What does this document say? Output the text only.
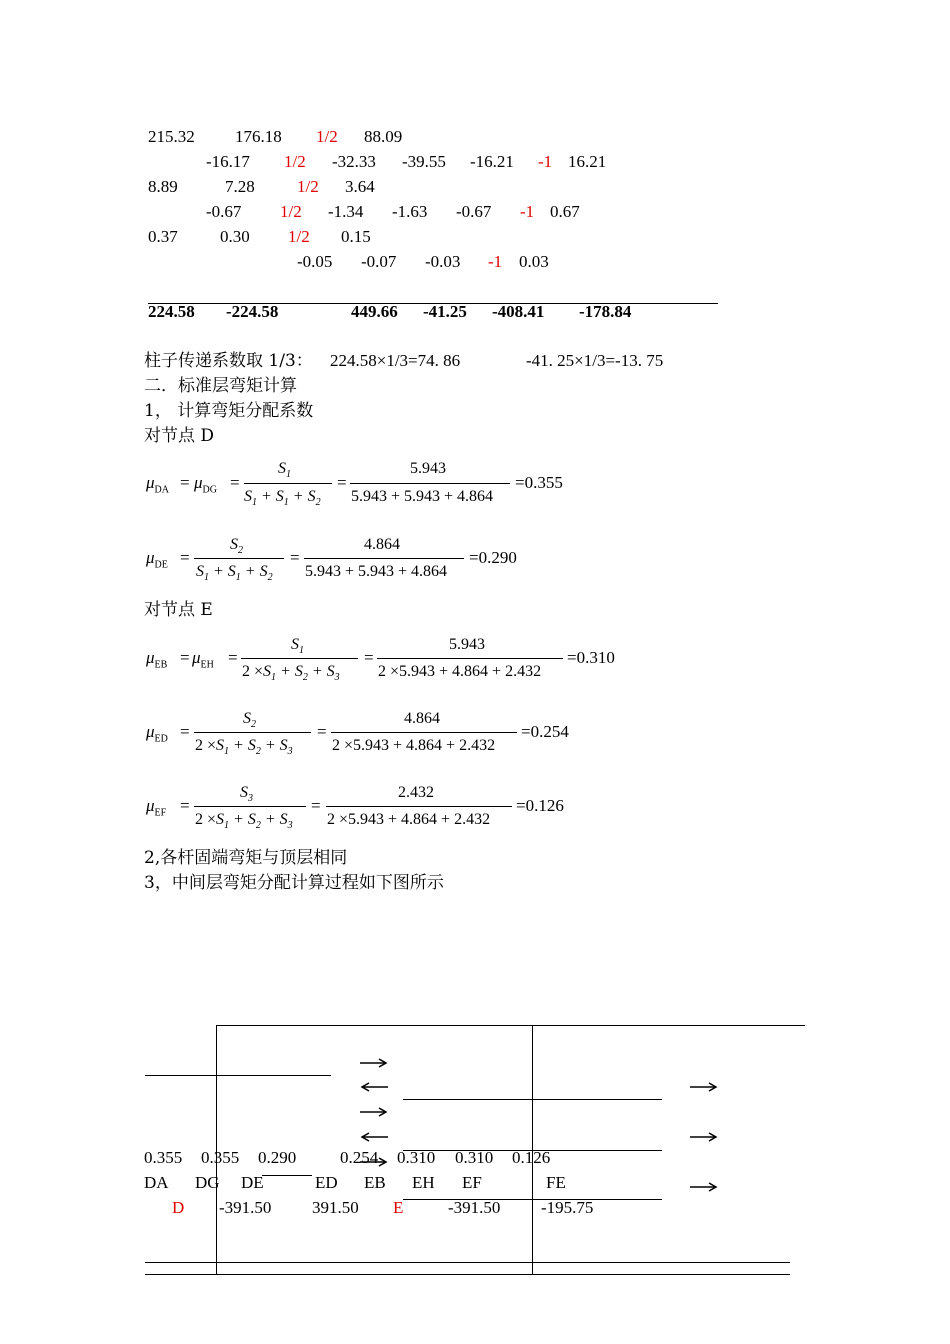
215.32 176.18 1/2 88.09
-16.17 1/2 -32.33 -39.55 -16.21 -1 16.21
8.89	7.28 1/2 3.64
-0.67 1/2 -1.34 -1.63 -0.67 -1 0.67
0.37 0.30 1/2 0.15
-0.05 -0.07 -0.03 -1 0.03
224.58 -224.58	449.66 -41.25 -408.41 -178.84
柱子传递系数取 1/3： 224.58×1/3=74. 86	-41. 25×1/3=-13. 75
二．标准层弯矩计算
1， 计算弯矩分配系数
对节点 D
$\mu_{DA} = \mu_{DG}$ =
$S_1$
$S_1 + S_1 + S_2$
=
5.943
5.943 + 5.943 + 4.864
=0.355
$\mu_{DE}$ =
$S_2$
$S_1 + S_1 + S_2$
=
4.864
5.943 + 5.943 + 4.864
=0.290
对节点 E
$\mu_{EB} = \mu_{EH}$ =
$S_1$
$2 \times S_1 + S_2 + S_3$
=
5.943
2 ×5.943 + 4.864 + 2.432
=0.310
$\mu_{ED}$ =
$S_2$
$2 \times S_1 + S_2 + S_3$
=
4.864
2 ×5.943 + 4.864 + 2.432
=0.254
$\mu_{EF}$ =
$S_3$
$2 \times S_1 + S_2 + S_3$
=
2.432
2 ×5.943 + 4.864 + 2.432
=0.126
2,各杆固端弯矩与顶层相同
3，中间层弯矩分配计算过程如下图所示
0.355 0.355 0.290	0.254 0.310 0.310 0.126
DA DG DE	ED EB EH EF	FE
D -391.50 391.50 E	-391.50 -195.75
